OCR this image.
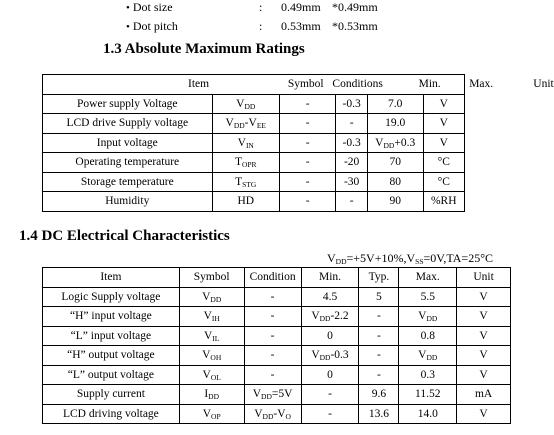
• Dot size	: 0.49mm *0.49mm
• Dot pitch	: 0.53mm *0.53mm
1.3 Absolute Maximum Ratings
Item	Symbol	Conditions	Min.	Max.	Unit
Power supply Voltage	$V_{DD}$	-	-0.3	7.0	V
LCD drive Supply voltage	$V_{DD}-V_{EE}$	-	-	19.0	V
Input voltage	$V_{IN}$	-	-0.3	$V_{DD}+0.3$	V
Operating temperature	$T_{OPR}$	-	-20	70	°C
Storage temperature	$T_{STG}$	-	-30	80	°C
Humidity	HD	-	-	90	%RH
1.4 DC Electrical Characteristics
$V_{DD}=+5V+10\%,V_{SS}=0V,TA=25^\circ C$
Item	Symbol	Condition	Min.	Typ.	Max.	Unit
Logic Supply voltage	$V_{DD}$	-	4.5	5	5.5	V
“H” input voltage	$V_{IH}$	-	$V_{DD}-2.2$	-	$V_{DD}$	V
“L” input voltage	$V_{IL}$	-	0	-	0.8	V
“H” output voltage	$V_{OH}$	-	$V_{DD}-0.3$	-	$V_{DD}$	V
“L” output voltage	$V_{OL}$	-	0	-	0.3	V
Supply current	$I_{DD}$	$V_{DD}=5V$	-	9.6	11.52	mA
LCD driving voltage	$V_{OP}$	$V_{DD}-V_O$	-	13.6	14.0	V
